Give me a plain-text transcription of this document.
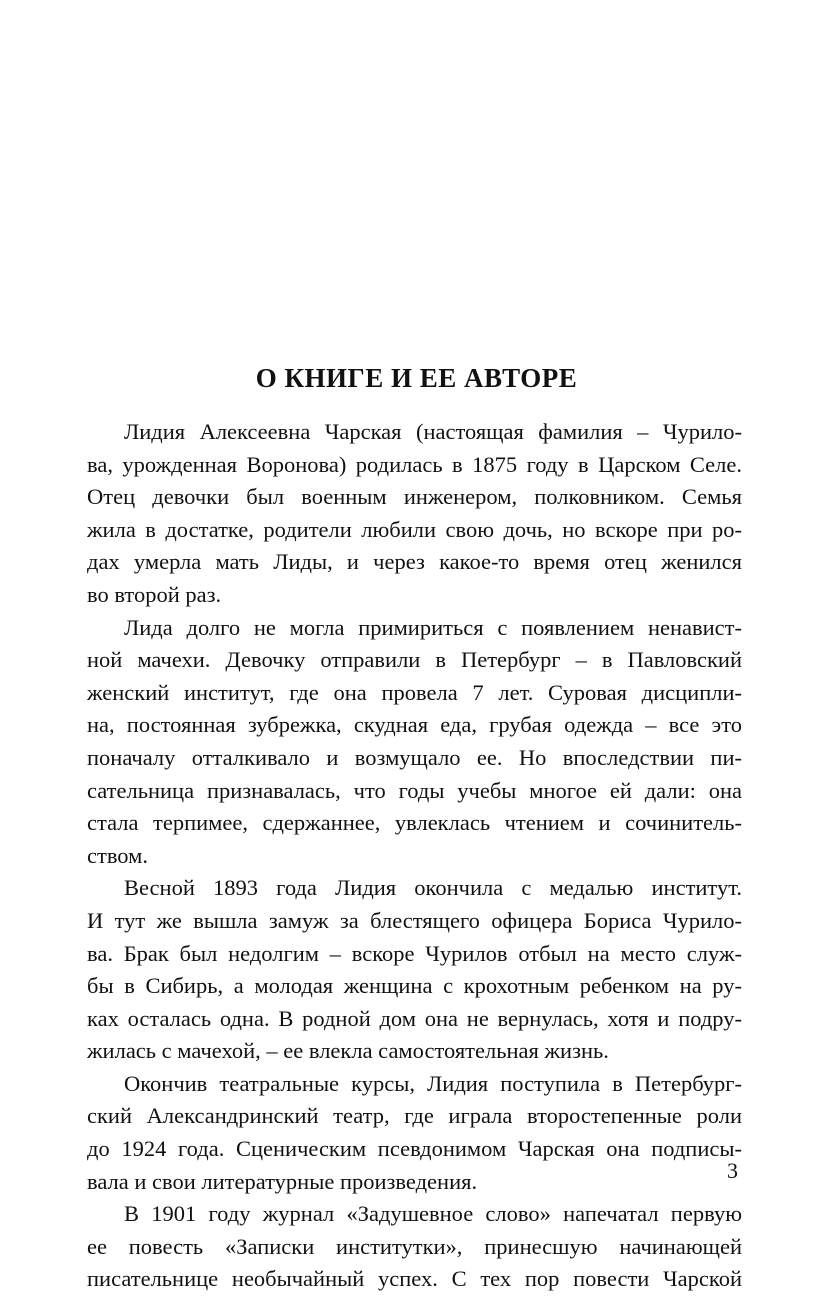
О КНИГЕ И ЕЕ АВТОРЕ
Лидия Алексеевна Чарская (настоящая фамилия – Чурило-
ва, урожденная Воронова) родилась в 1875 году в Царском Селе.
Отец девочки был военным инженером, полковником. Семья
жила в достатке, родители любили свою дочь, но вскоре при ро-
дах умерла мать Лиды, и через какое-то время отец женился
во второй раз.
Лида долго не могла примириться с появлением ненавист-
ной мачехи. Девочку отправили в Петербург – в Павловский
женский институт, где она провела 7 лет. Суровая дисципли-
на, постоянная зубрежка, скудная еда, грубая одежда – все это
поначалу отталкивало и возмущало ее. Но впоследствии пи-
сательница признавалась, что годы учебы многое ей дали: она
стала терпимее, сдержаннее, увлеклась чтением и сочинитель-
ством.
Весной 1893 года Лидия окончила с медалью институт.
И тут же вышла замуж за блестящего офицера Бориса Чурило-
ва. Брак был недолгим – вскоре Чурилов отбыл на место служ-
бы в Сибирь, а молодая женщина с крохотным ребенком на ру-
ках осталась одна. В родной дом она не вернулась, хотя и подру-
жилась с мачехой, – ее влекла самостоятельная жизнь.
Окончив театральные курсы, Лидия поступила в Петербург-
ский Александринский театр, где играла второстепенные роли
до 1924 года. Сценическим псевдонимом Чарская она подписы-
вала и свои литературные произведения.
В 1901 году журнал «Задушевное слово» напечатал первую
ее повесть «Записки институтки», принесшую начинающей
писательнице необычайный успех. С тех пор повести Чарской
3
